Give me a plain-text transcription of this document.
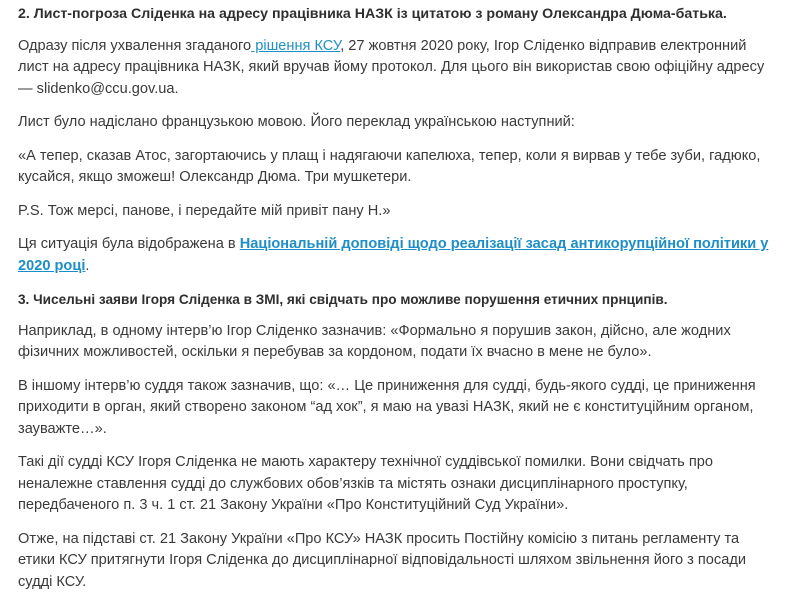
2. Лист-погроза Сліденка на адресу працівника НАЗК із цитатою з роману Олександра Дюма-батька.

Одразу після ухвалення згаданого рішення КСУ, 27 жовтня 2020 року, Ігор Сліденко відправив електронний лист на адресу працівника НАЗК, який вручав йому протокол. Для цього він використав свою офіційну адресу — slidenko@ccu.gov.ua.

Лист було надіслано французькою мовою. Його переклад українською наступний:

«А тепер, сказав Атос, загортаючись у плащ і надягаючи капелюха, тепер, коли я вирвав у тебе зуби, гадюко, кусайся, якщо зможеш! Олександр Дюма. Три мушкетери.

P.S. Тож мерсі, панове, і передайте мій привіт пану Н.»

Ця ситуація була відображена в Національній доповіді щодо реалізації засад антикорупційної політики у 2020 році.

3. Чисельні заяви Ігоря Сліденка в ЗМІ, які свідчать про можливе порушення етичних прнципів.

Наприклад, в одному інтерв’ю Ігор Сліденко зазначив: «Формально я порушив закон, дійсно, але жодних фізичних можливостей, оскільки я перебував за кордоном, подати їх вчасно в мене не було».

В іншому інтерв’ю суддя також зазначив, що: «… Це приниження для судді, будь-якого судді, це приниження приходити в орган, який створено законом “ад хок”, я маю на увазі НАЗК, який не є конституційним органом, зауважте…».

Такі дії судді КСУ Ігоря Сліденка не мають характеру технічної суддівської помилки. Вони свідчать про неналежне ставлення судді до службових обов’язків та містять ознаки дисциплінарного проступку, передбаченого п. 3 ч. 1 ст. 21 Закону України «Про Конституційний Суд України».

Отже, на підставі ст. 21 Закону України «Про КСУ» НАЗК просить Постійну комісію з питань регламенту та етики КСУ притягнути Ігоря Сліденка до дисциплінарної відповідальності шляхом звільнення його з посади судді КСУ.
